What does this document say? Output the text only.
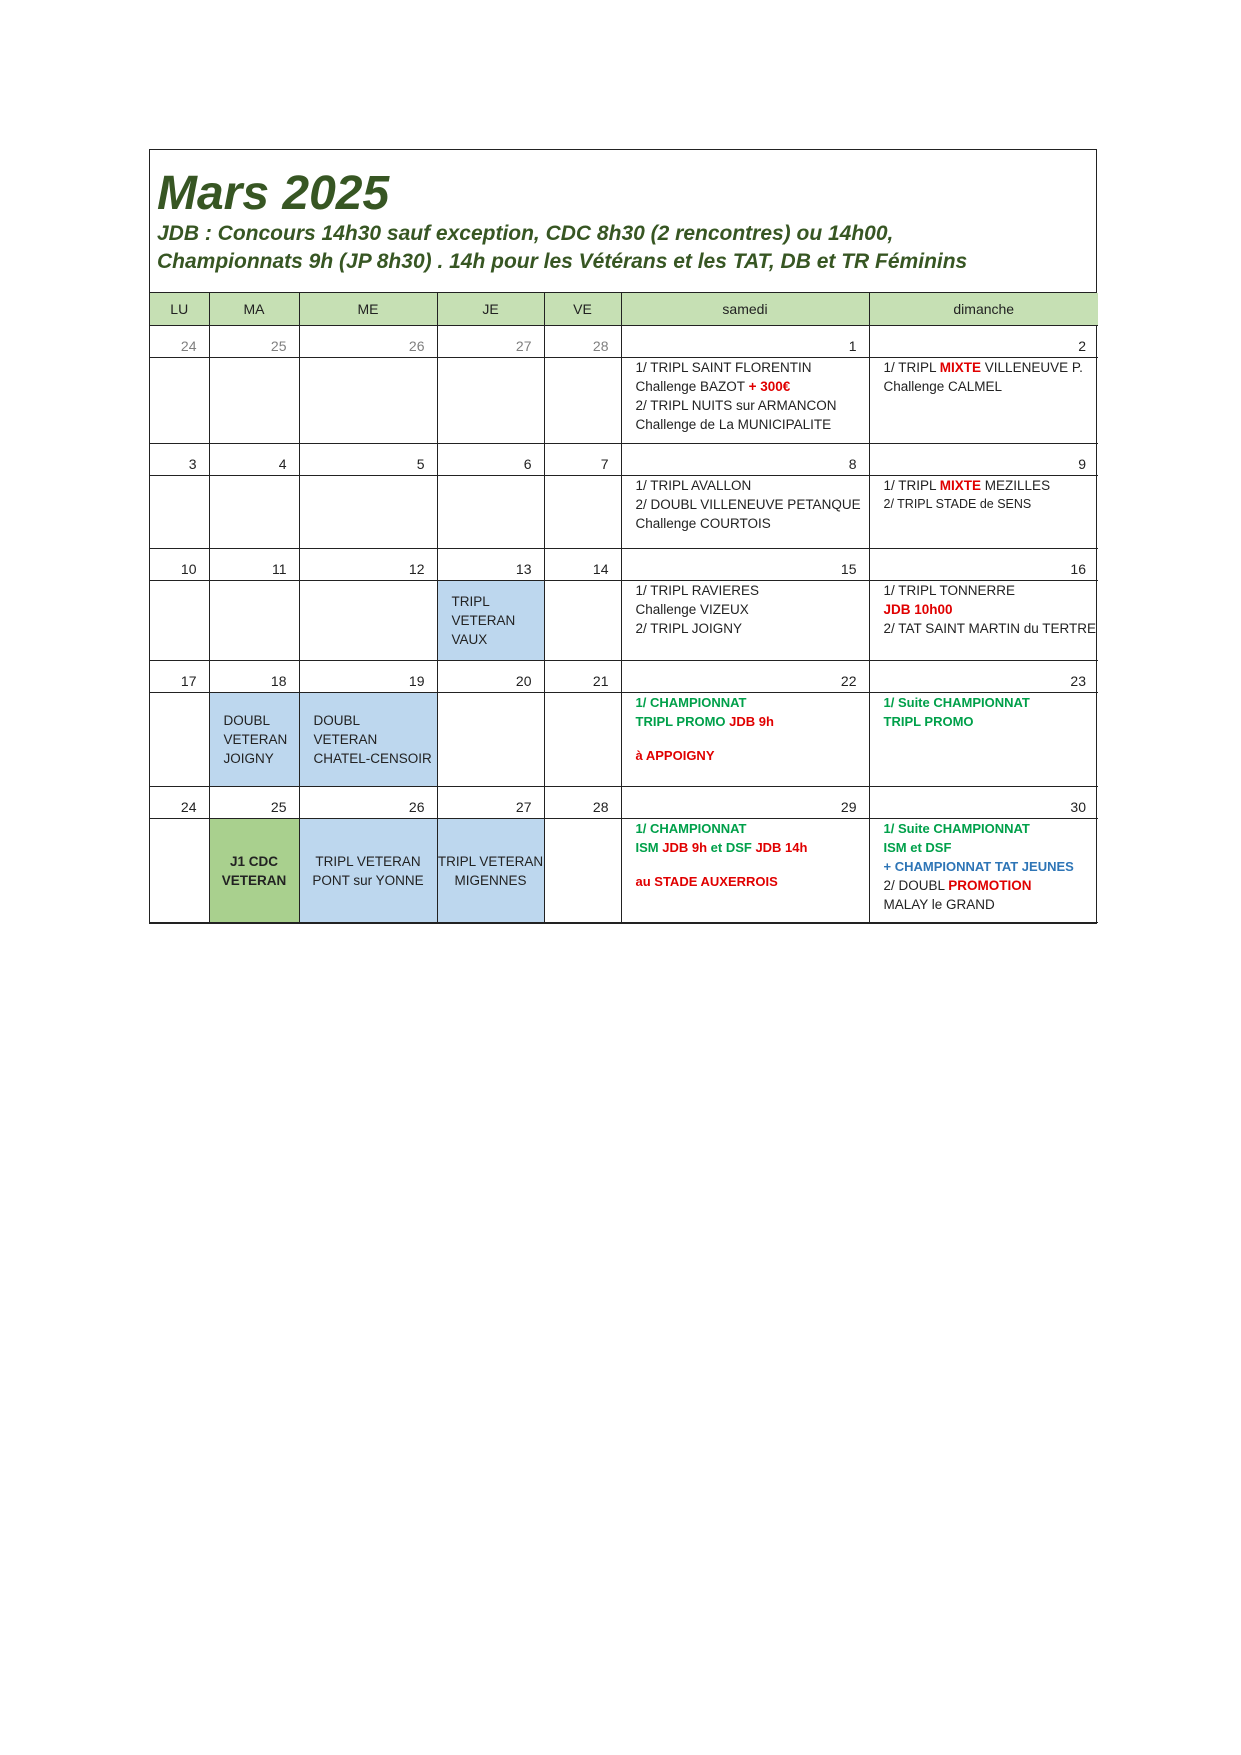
Mars 2025
JDB : Concours 14h30 sauf exception, CDC 8h30 (2 rencontres) ou 14h00,
Championnats 9h (JP 8h30) . 14h pour les Vétérans et les TAT, DB et TR Féminins
LU	MA	ME	JE	VE	samedi	dimanche
24	25	26	27	28	1	2

					1/ TRIPL SAINT FLORENTIN
Challenge BAZOT + 300€
2/ TRIPL NUITS sur ARMANCON
Challenge de La MUNICIPALITE	1/ TRIPL MIXTE VILLENEUVE P.
Challenge CALMEL

3	4	5	6	7	8	9

					1/ TRIPL AVALLON
2/ DOUBL VILLENEUVE PETANQUE
Challenge COURTOIS	1/ TRIPL MIXTE MEZILLES
2/ TRIPL STADE de SENS

10	11	12	13	14	15	16

			TRIPL
VETERAN
VAUX		1/ TRIPL RAVIERES
Challenge VIZEUX
2/ TRIPL JOIGNY	1/ TRIPL TONNERRE
JDB 10h00
2/ TAT SAINT MARTIN du TERTRE

17	18	19	20	21	22	23

	DOUBL
VETERAN
JOIGNY	DOUBL
VETERAN
CHATEL-CENSOIR			1/ CHAMPIONNAT
TRIPL PROMO JDB 9h
à APPOIGNY	1/ Suite CHAMPIONNAT
TRIPL PROMO

24	25	26	27	28	29	30

	J1 CDC
VETERAN	TRIPL VETERAN
PONT sur YONNE	TRIPL VETERAN
MIGENNES		1/ CHAMPIONNAT
ISM JDB 9h et DSF JDB 14h
au STADE AUXERROIS	1/ Suite CHAMPIONNAT
ISM et DSF
+ CHAMPIONNAT TAT JEUNES
2/ DOUBL PROMOTION
MALAY le GRAND
